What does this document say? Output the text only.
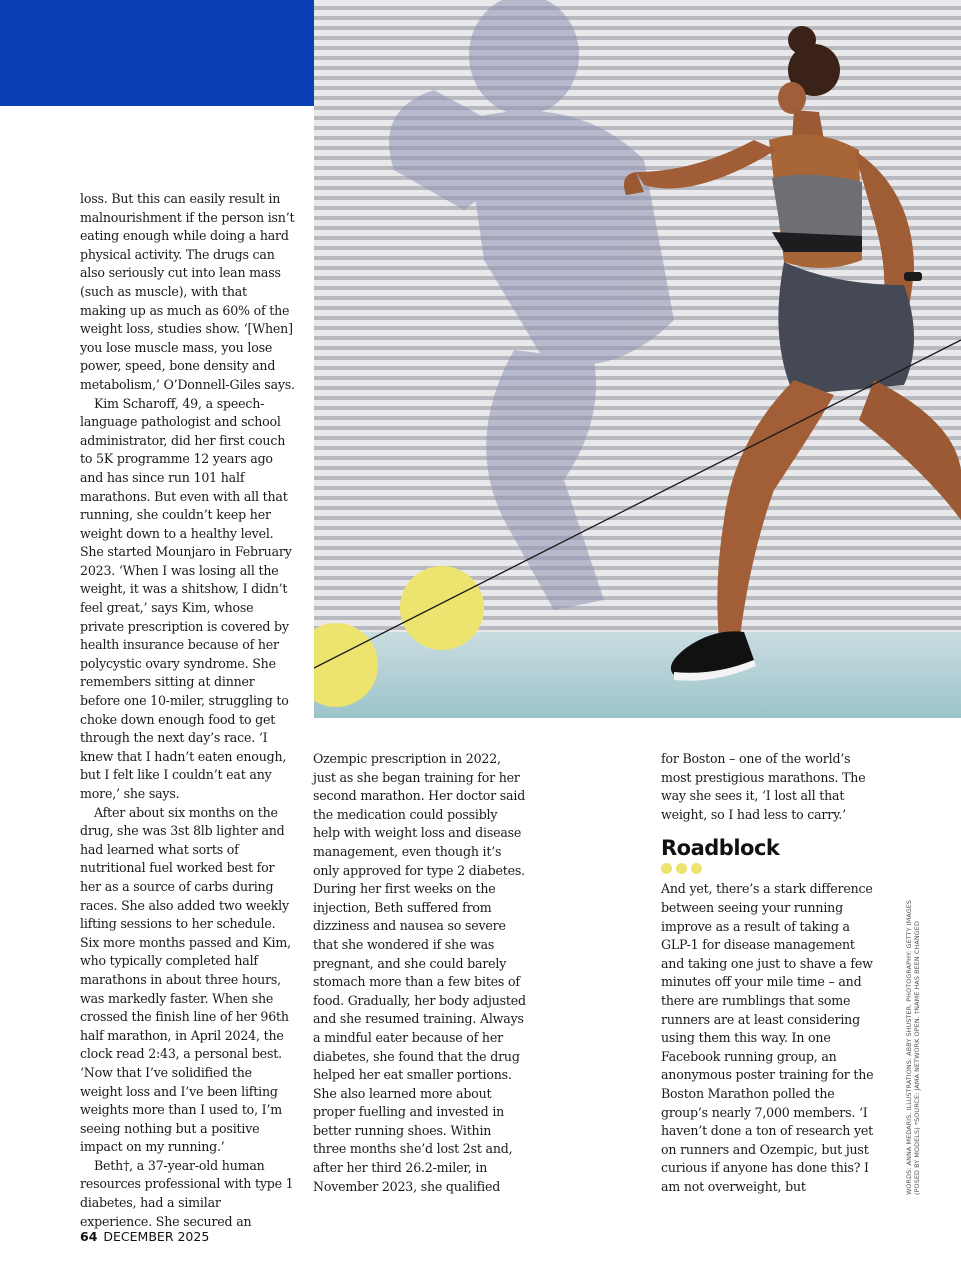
loss. But this can easily result in malnourishment if the person isn’t eating enough while doing a hard physical activity. The drugs can also seriously cut into lean mass (such as muscle), with that making up as much as 60% of the weight loss, studies show. ‘[When] you lose muscle mass, you lose power, speed, bone density and metabolism,’ O’Donnell-Giles says.

Kim Scharoff, 49, a speech-language pathologist and school administrator, did her first couch to 5K programme 12 years ago and has since run 101 half marathons. But even with all that running, she couldn’t keep her weight down to a healthy level. She started Mounjaro in February 2023. ‘When I was losing all the weight, it was a shitshow, I didn’t feel great,’ says Kim, whose private prescription is covered by health insurance because of her polycystic ovary syndrome. She remembers sitting at dinner before one 10-miler, struggling to choke down enough food to get through the next day’s race. ‘I knew that I hadn’t eaten enough, but I felt like I couldn’t eat any more,’ she says.

After about six months on the drug, she was 3st 8lb lighter and had learned what sorts of nutritional fuel worked best for her as a source of carbs during races. She also added two weekly lifting sessions to her schedule. Six more months passed and Kim, who typically completed half marathons in about three hours, was markedly faster. When she crossed the finish line of her 96th half marathon, in April 2024, the clock read 2:43, a personal best. ‘Now that I’ve solidified the weight loss and I’ve been lifting weights more than I used to, I’m seeing nothing but a positive impact on my running.’

Beth†, a 37-year-old human resources professional with type 1 diabetes, had a similar experience. She secured an

Ozempic prescription in 2022, just as she began training for her second marathon. Her doctor said the medication could possibly help with weight loss and disease management, even though it’s only approved for type 2 diabetes. During her first weeks on the injection, Beth suffered from dizziness and nausea so severe that she wondered if she was pregnant, and she could barely stomach more than a few bites of food. Gradually, her body adjusted and she resumed training. Always a mindful eater because of her diabetes, she found that the drug helped her eat smaller portions. She also learned more about proper fuelling and invested in better running shoes. Within three months she’d lost 2st and, after her third 26.2-miler, in November 2023, she qualified

for Boston – one of the world’s most prestigious marathons. The way she sees it, ‘I lost all that weight, so I had less to carry.’

Roadblock

And yet, there’s a stark difference between seeing your running improve as a result of taking a GLP-1 for disease management and taking one just to shave a few minutes off your mile time – and there are rumblings that some runners are at least considering using them this way. In one Facebook running group, an anonymous poster training for the Boston Marathon polled the group’s nearly 7,000 members. ‘I haven’t done a ton of research yet on runners and Ozempic, but just curious if anyone has done this? I am not overweight, but	WORDS: ANNA MEDARIS. ILLUSTRATIONS: ABBY SHUSTER. PHOTOGRAPHY: GETTY IMAGES (POSED BY MODELS) *SOURCE: JAMA NETWORK OPEN. †NAME HAS BEEN CHANGED
64 DECEMBER 2025
